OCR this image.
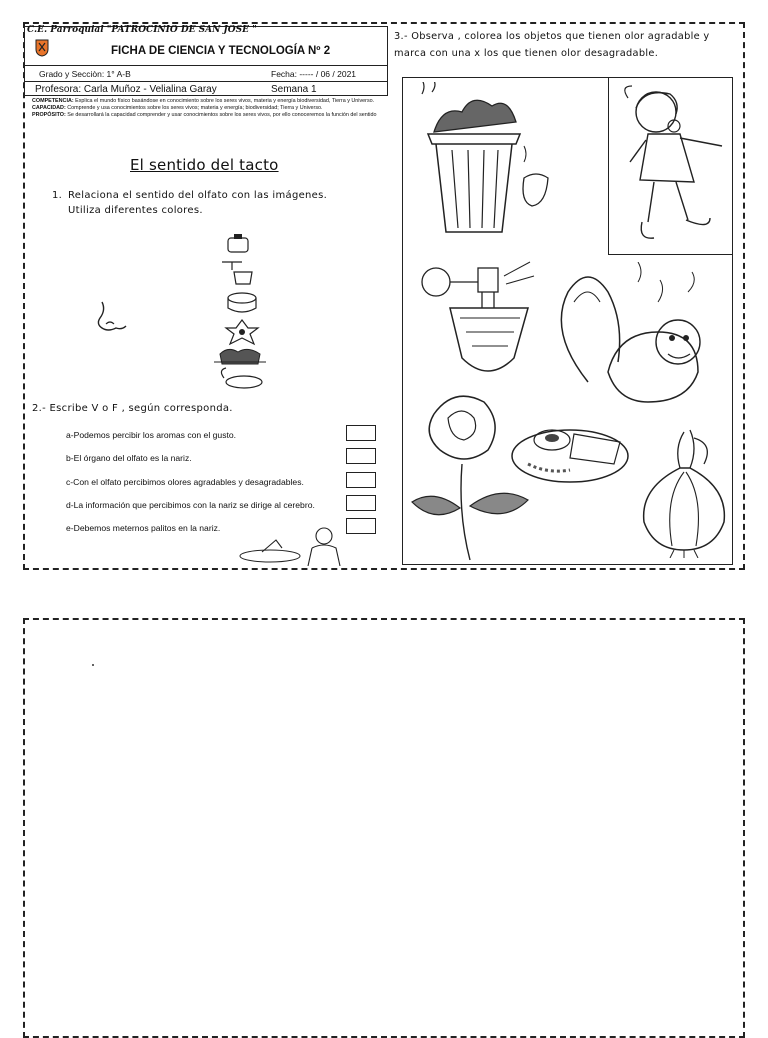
C.E. Parroquial "PATROCINIO DE SAN JOSE "
FICHA DE CIENCIA Y TECNOLOGÍA Nº 2
Grado y Secciòn: 1° A-B	Fecha: ----- / 06 / 2021
Profesora: Carla Muñoz - Velialina Garay	Semana 1
COMPETENCIA: Explica el mundo físico basándose en conocimiento sobre los seres vivos, materia y energía biodiversidad, Tierra y Universo.
CAPACIDAD: Comprende y usa conocimientos sobre los seres vivos; materia y energía; biodiversidad; Tierra y Universo.
PROPÓSITO: Se desarrollará la capacidad comprender y usar conocimientos sobre los seres vivos, por ello conoceremos la función del sentido
El sentido del tacto
1. Relaciona el sentido del olfato con las imágenes. Utiliza diferentes colores.
2.- Escribe V o F , según corresponda.
a-Podemos percibir los aromas con el gusto.
b-El órgano del olfato es la nariz.
c-Con el olfato percibimos olores agradables y desagradables.
d-La información que percibimos con la nariz se dirige al cerebro.
e-Debemos meternos palitos en la nariz.
3.- Observa , colorea los objetos que tienen olor agradable y marca con una x los que tienen olor desagradable.
